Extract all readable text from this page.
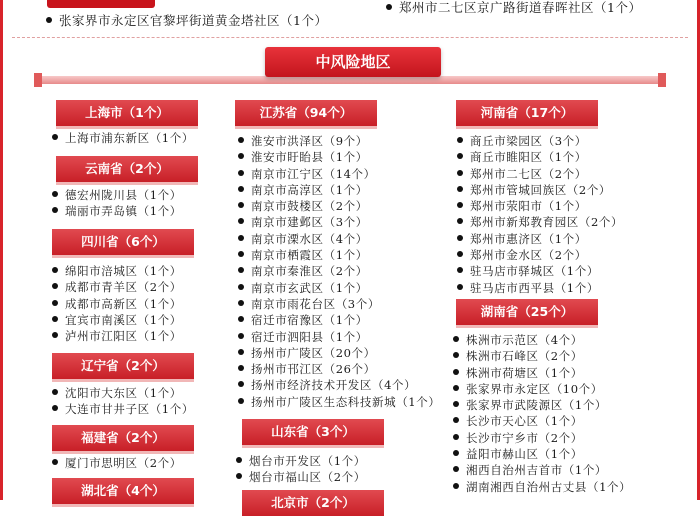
张家界市永定区官黎坪街道黄金塔社区（1个）
郑州市二七区京广路街道春晖社区（1个）
中风险地区
上海市（1个）
上海市浦东新区（1个）
云南省（2个）
德宏州陇川县（1个）
瑞丽市弄岛镇（1个）
四川省（6个）
绵阳市涪城区（1个）
成都市青羊区（2个）
成都市高新区（1个）
宜宾市南溪区（1个）
泸州市江阳区（1个）
辽宁省（2个）
沈阳市大东区（1个）
大连市甘井子区（1个）
福建省（2个）
厦门市思明区（2个）
湖北省（4个）
江苏省（94个）
淮安市洪泽区（9个）
淮安市盱眙县（1个）
南京市江宁区（14个）
南京市高淳区（1个）
南京市鼓楼区（2个）
南京市建邺区（3个）
南京市溧水区（4个）
南京市栖霞区（1个）
南京市秦淮区（2个）
南京市玄武区（1个）
南京市雨花台区（3个）
宿迁市宿豫区（1个）
宿迁市泗阳县（1个）
扬州市广陵区（20个）
扬州市邗江区（26个）
扬州市经济技术开发区（4个）
扬州市广陵区生态科技新城（1个）
山东省（3个）
烟台市开发区（1个）
烟台市福山区（2个）
北京市（2个）
河南省（17个）
商丘市梁园区（3个）
商丘市睢阳区（1个）
郑州市二七区（2个）
郑州市管城回族区（2个）
郑州市荥阳市（1个）
郑州市新郑教育园区（2个）
郑州市惠济区（1个）
郑州市金水区（2个）
驻马店市驿城区（1个）
驻马店市西平县（1个）
湖南省（25个）
株洲市示范区（4个）
株洲市石峰区（2个）
株洲市荷塘区（1个）
张家界市永定区（10个）
张家界市武陵源区（1个）
长沙市天心区（1个）
长沙市宁乡市（2个）
益阳市赫山区（1个）
湘西自治州吉首市（1个）
湖南湘西自治州古丈县（1个）
